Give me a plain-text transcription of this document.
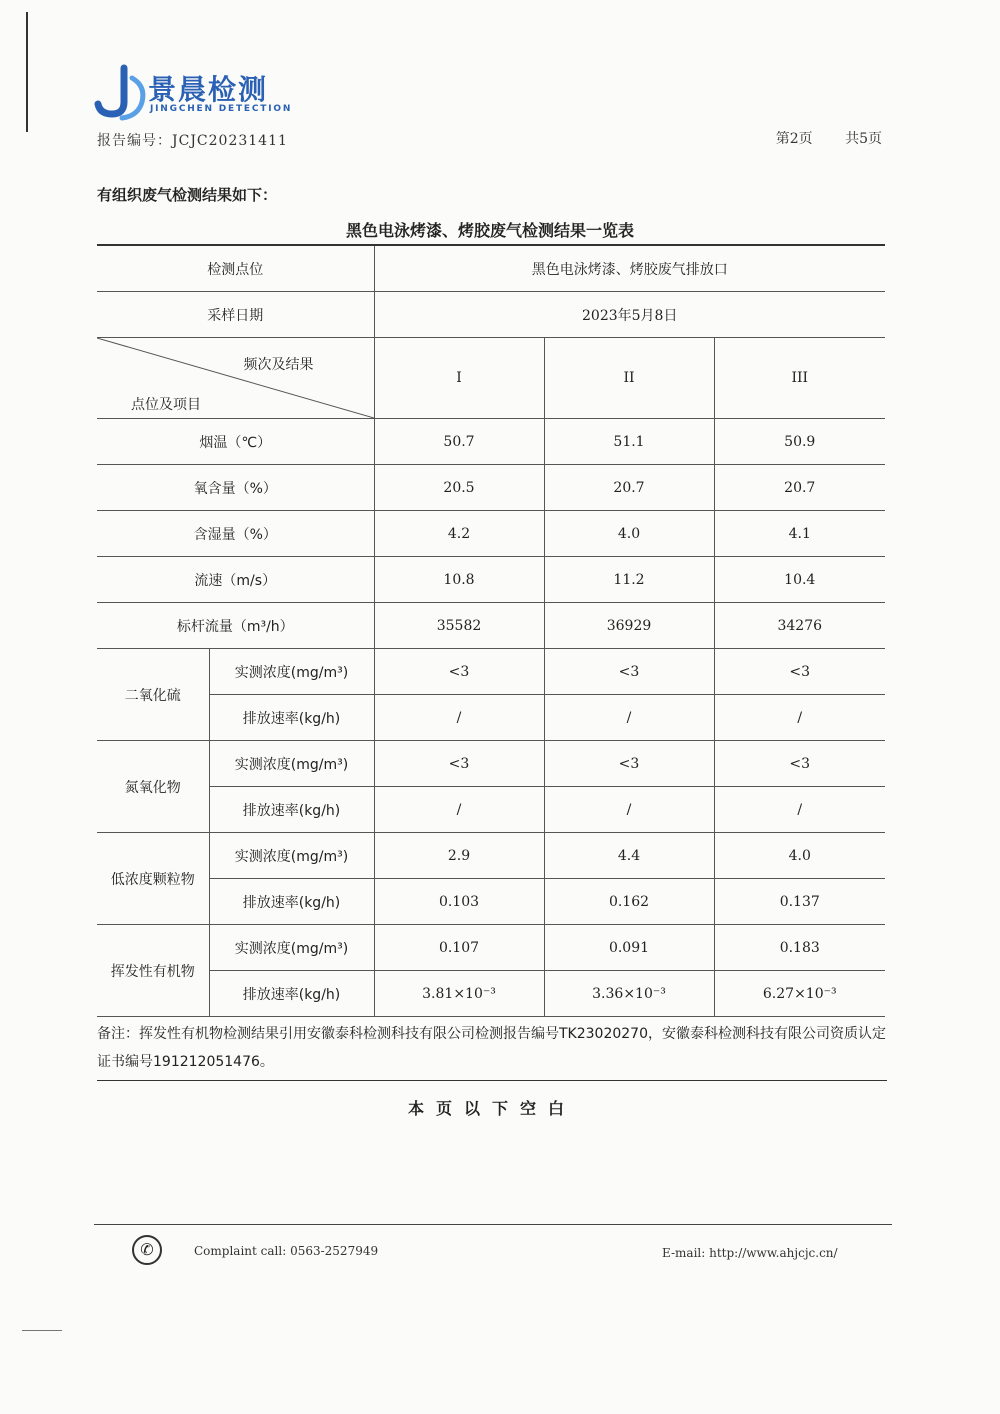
景晨检测
JINGCHEN DETECTION
报告编号：JCJC20231411	第2页 共5页
有组织废气检测结果如下：
黑色电泳烤漆、烤胶废气检测结果一览表
检测点位		黑色电泳烤漆、烤胶废气排放口		
采样日期		2023年5月8日		

频次及结果
点位及项目		I	II	III
烟温（℃）		50.7	51.1	50.9
氧含量（%）		20.5	20.7	20.7
含湿量（%）		4.2	4.0	4.1
流速（m/s）		10.8	11.2	10.4
标杆流量（m³/h）		35582	36929	34276
二氧化硫	实测浓度(mg/m³)	<3	<3	<3
	排放速率(kg/h)	/	/	/
氮氧化物	实测浓度(mg/m³)	<3	<3	<3
	排放速率(kg/h)	/	/	/
低浓度颗粒物	实测浓度(mg/m³)	2.9	4.4	4.0
	排放速率(kg/h)	0.103	0.162	0.137
挥发性有机物	实测浓度(mg/m³)	0.107	0.091	0.183
	排放速率(kg/h)	3.81×10⁻³	3.36×10⁻³	6.27×10⁻³
备注：挥发性有机物检测结果引用安徽泰科检测科技有限公司检测报告编号TK23020270，安徽泰科检测科技有限公司资质认定证书编号191212051476。
本页以下空白
✆	Complaint call: 0563-2527949	E-mail: http://www.ahjcjc.cn/
